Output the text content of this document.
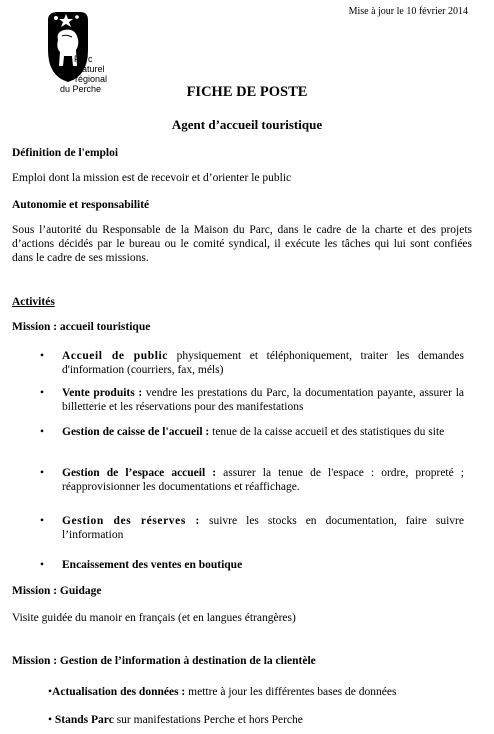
Mise à jour le 10 février 2014
Parc
naturel
régional
du Perche	FICHE DE POSTE
Agent d’accueil touristique
Définition de l'emploi
Emploi dont la mission est de recevoir et d’orienter le public
Autonomie et responsabilité
Sous l’autorité du Responsable de la Maison du Parc, dans le cadre de la charte et des projets d’actions décidés par le bureau ou le comité syndical, il exécute les tâches qui lui sont confiées dans le cadre de ses missions.
Activités
Mission : accueil touristique
•	Accueil de public physiquement et téléphoniquement, traiter les demandes d'information (courriers, fax, méls)
•	Vente produits : vendre les prestations du Parc, la documentation payante, assurer la billetterie et les réservations pour des manifestations
•	Gestion de caisse de l'accueil : tenue de la caisse accueil et des statistiques du site
•	Gestion de l’espace accueil : assurer la tenue de l'espace : ordre, propreté ; réapprovisionner les documentations et réaffichage.
•	Gestion des réserves : suivre les stocks en documentation, faire suivre l’information
•	Encaissement des ventes en boutique
Mission : Guidage
Visite guidée du manoir en français (et en langues étrangères)
Mission : Gestion de l’information à destination de la clientèle
•Actualisation des données : mettre à jour les différentes bases de données
• Stands Parc sur manifestations Perche et hors Perche
